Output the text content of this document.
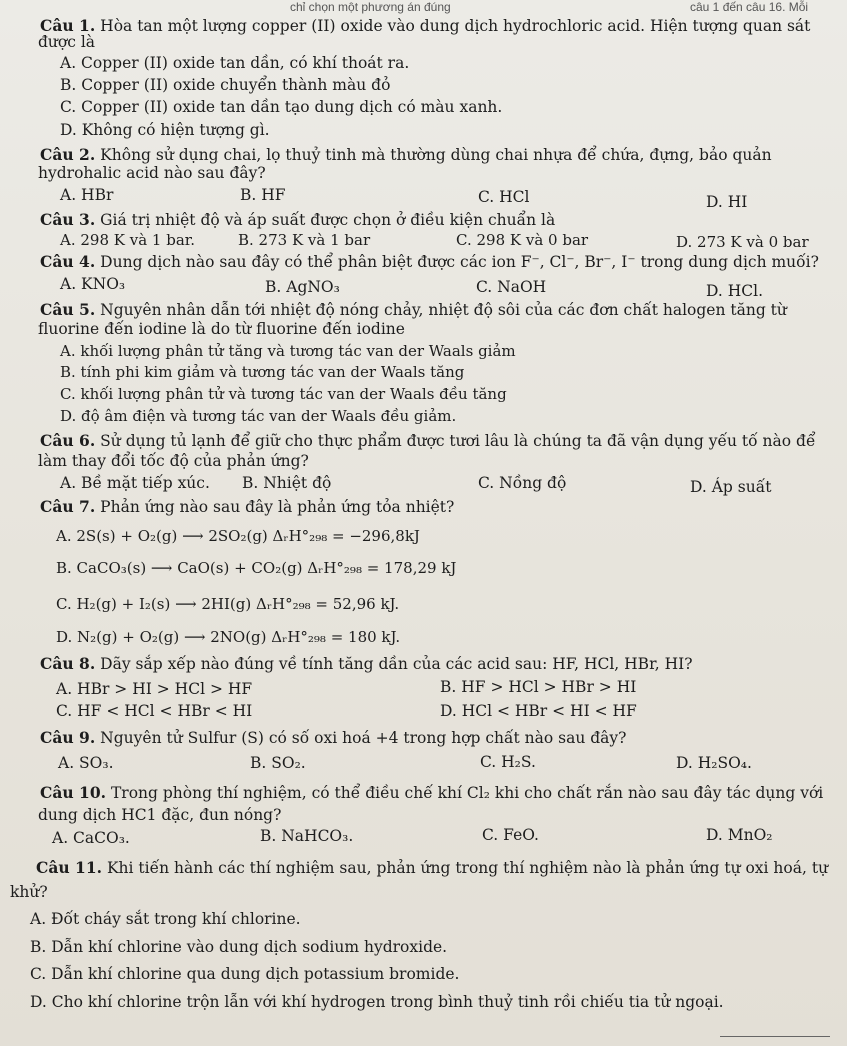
chỉ chọn một phương án đúng	câu 1 đến câu 16. Mỗi
Câu 1. Hòa tan một lượng copper (II) oxide vào dung dịch hydrochloric acid. Hiện tượng quan sát
được là
A. Copper (II) oxide tan dần, có khí thoát ra.
B. Copper (II) oxide chuyển thành màu đỏ
C. Copper (II) oxide tan dần tạo dung dịch có màu xanh.
D. Không có hiện tượng gì.
Câu 2. Không sử dụng chai, lọ thuỷ tinh mà thường dùng chai nhựa để chứa, đựng, bảo quản
hydrohalic acid nào sau đây?
A. HBr	B. HF	C. HCl	D. HI
Câu 3. Giá trị nhiệt độ và áp suất được chọn ở điều kiện chuẩn là
A. 298 K và 1 bar.	B. 273 K và 1 bar	C. 298 K và 0 bar	D. 273 K và 0 bar
Câu 4. Dung dịch nào sau đây có thể phân biệt được các ion F⁻, Cl⁻, Br⁻, I⁻ trong dung dịch muối?
A. KNO₃	B. AgNO₃	C. NaOH	D. HCl.
Câu 5. Nguyên nhân dẫn tới nhiệt độ nóng chảy, nhiệt độ sôi của các đơn chất halogen tăng từ
fluorine đến iodine là do từ fluorine đến iodine
A. khối lượng phân tử tăng và tương tác van der Waals giảm
B. tính phi kim giảm và tương tác van der Waals tăng
C. khối lượng phân tử và tương tác van der Waals đều tăng
D. độ âm điện và tương tác van der Waals đều giảm.
Câu 6. Sử dụng tủ lạnh để giữ cho thực phẩm được tươi lâu là chúng ta đã vận dụng yếu tố nào để
làm thay đổi tốc độ của phản ứng?
A. Bề mặt tiếp xúc. B. Nhiệt độ	C. Nồng độ	D. Áp suất
Câu 7. Phản ứng nào sau đây là phản ứng tỏa nhiệt?
A. 2S(s) + O₂(g) ⟶ 2SO₂(g) ΔᵣH°₂₉₈ = −296,8kJ
B. CaCO₃(s) ⟶ CaO(s) + CO₂(g) ΔᵣH°₂₉₈ = 178,29 kJ
C. H₂(g) + I₂(s) ⟶ 2HI(g) ΔᵣH°₂₉₈ = 52,96 kJ.
D. N₂(g) + O₂(g) ⟶ 2NO(g) ΔᵣH°₂₉₈ = 180 kJ.
Câu 8. Dãy sắp xếp nào đúng về tính tăng dần của các acid sau: HF, HCl, HBr, HI?
A. HBr > HI > HCl > HF	B. HF > HCl > HBr > HI
C. HF < HCl < HBr < HI	D. HCl < HBr < HI < HF
Câu 9. Nguyên tử Sulfur (S) có số oxi hoá +4 trong hợp chất nào sau đây?
A. SO₃.	B. SO₂.	C. H₂S.	D. H₂SO₄.
Câu 10. Trong phòng thí nghiệm, có thể điều chế khí Cl₂ khi cho chất rắn nào sau đây tác dụng với
dung dịch HC1 đặc, đun nóng?
A. CaCO₃.	B. NaHCO₃.	C. FeO.	D. MnO₂
Câu 11. Khi tiến hành các thí nghiệm sau, phản ứng trong thí nghiệm nào là phản ứng tự oxi hoá, tự
khử?
A. Đốt cháy sắt trong khí chlorine.
B. Dẫn khí chlorine vào dung dịch sodium hydroxide.
C. Dẫn khí chlorine qua dung dịch potassium bromide.
D. Cho khí chlorine trộn lẫn với khí hydrogen trong bình thuỷ tinh rồi chiếu tia tử ngoại.
